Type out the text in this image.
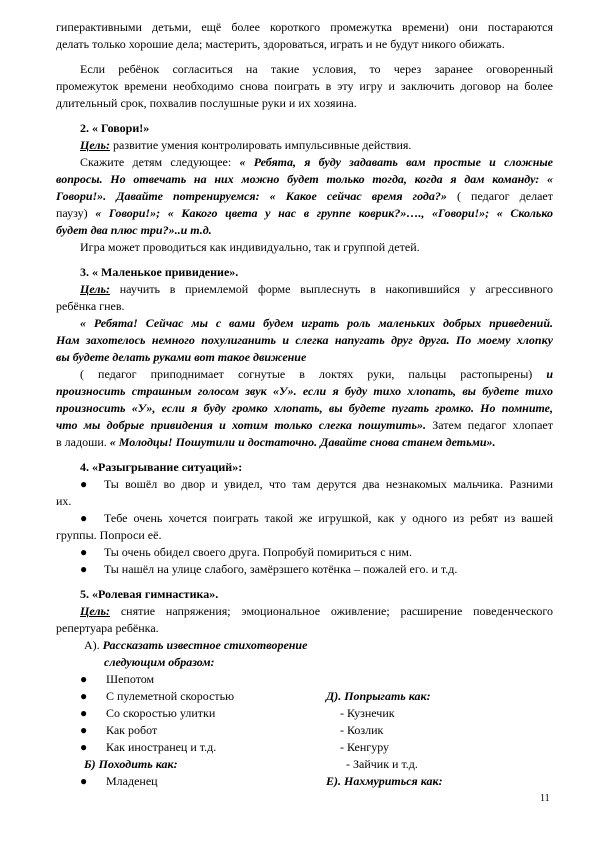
гиперактивными детьми, ещё более короткого промежутка времени) они постараются
делать только хорошие дела; мастерить, здороваться, играть и не будут никого обижать.
Если ребёнок согласиться на такие условия, то через заранее оговоренный
промежуток времени необходимо снова поиграть в эту игру и заключить договор на более
длительный срок, похвалив послушные руки и их хозяина.
2. « Говори!»
Цель: развитие умения контролировать импульсивные действия.
Скажите детям следующее: « Ребята, я буду задавать вам простые и сложные
вопросы. Но отвечать на них можно будет только тогда, когда я дам команду: «
Говори!». Давайте потренируемся: « Какое сейчас время года?» ( педагог делает
паузу) « Говори!»; « Какого цвета у нас в группе коврик?»…., «Говори!»; « Сколько
будет два плюс три?»..и т.д.
Игра может проводиться как индивидуально, так и группой детей.
3. « Маленькое привидение».
Цель: научить в приемлемой форме выплеснуть в накопившийся у агрессивного
ребёнка гнев.
« Ребята! Сейчас мы с вами будем играть роль маленьких добрых приведений.
Нам захотелось немного похулиганить и слегка напугать друг друга. По моему хлопку
вы будете делать руками вот такое движение
( педагог приподнимает согнутые в локтях руки, пальцы растопырены) и
произносить страшным голосом звук «У». если я буду тихо хлопать, вы будете тихо
произносить «У», если я буду громко хлопать, вы будете пугать громко. Но помните,
что мы добрые привидения и хотим только слегка пошутить». Затем педагог хлопает
в ладоши. « Молодцы! Пошутили и достаточно. Давайте снова станем детьми».
4. «Разыгрывание ситуаций»:
● Ты вошёл во двор и увидел, что там дерутся два незнакомых мальчика. Разними
их.
● Тебе очень хочется поиграть такой же игрушкой, как у одного из ребят из вашей
группы. Попроси её.
● Ты очень обидел своего друга. Попробуй помириться с ним.
● Ты нашёл на улице слабого, замёрзшего котёнка – пожалей его. и т.д.
5. «Ролевая гимнастика».
Цель: снятие напряжения; эмоциональное оживление; расширение поведенческого
репертуара ребёнка.
А). Рассказать известное стихотворение
следующим образом:
● Шепотом
● С пулеметной скоростью	Д). Попрыгать как:
● Со скоростью улитки	- Кузнечик
● Как робот	- Козлик
● Как иностранец и т.д.	- Кенгуру
Б) Походить как:	- Зайчик и т.д.
● Младенец	Е). Нахмуриться как:
11
